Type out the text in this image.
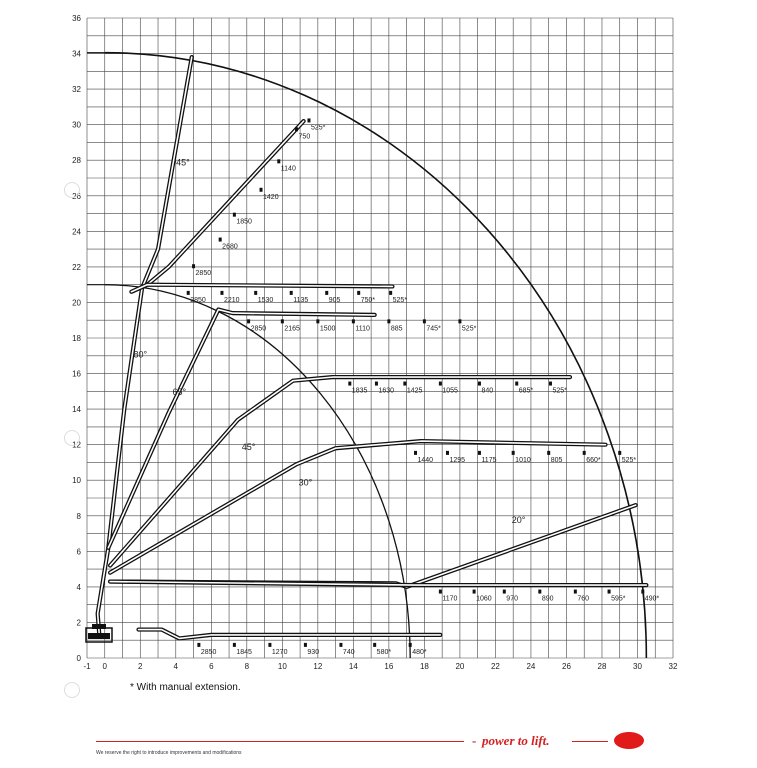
750
525*
1140
1420
1850
2680
2850
2850	2210	1530	1135	905	750*	525*
2850	2165	1500	1110	885	745*	525*
1835 1630 1425	1055	840	685*	525*
1440 1295 1175	1010	805	660*	525*
1170	1060 970	890	760	595*	490*
2850	1845	1270	930	740	580*	480*
45°
80°
65°
45°
30°
20°
-1 0	2	4	6	8	10	12	14	16	18	20	22	24	26	28	30	32
0
2
4
6
8
10
12
14
16
18
20
22
24
26
28
30
32
34
36
* With manual extension.
We reserve the right to introduce improvements and modifications
- power to lift.
